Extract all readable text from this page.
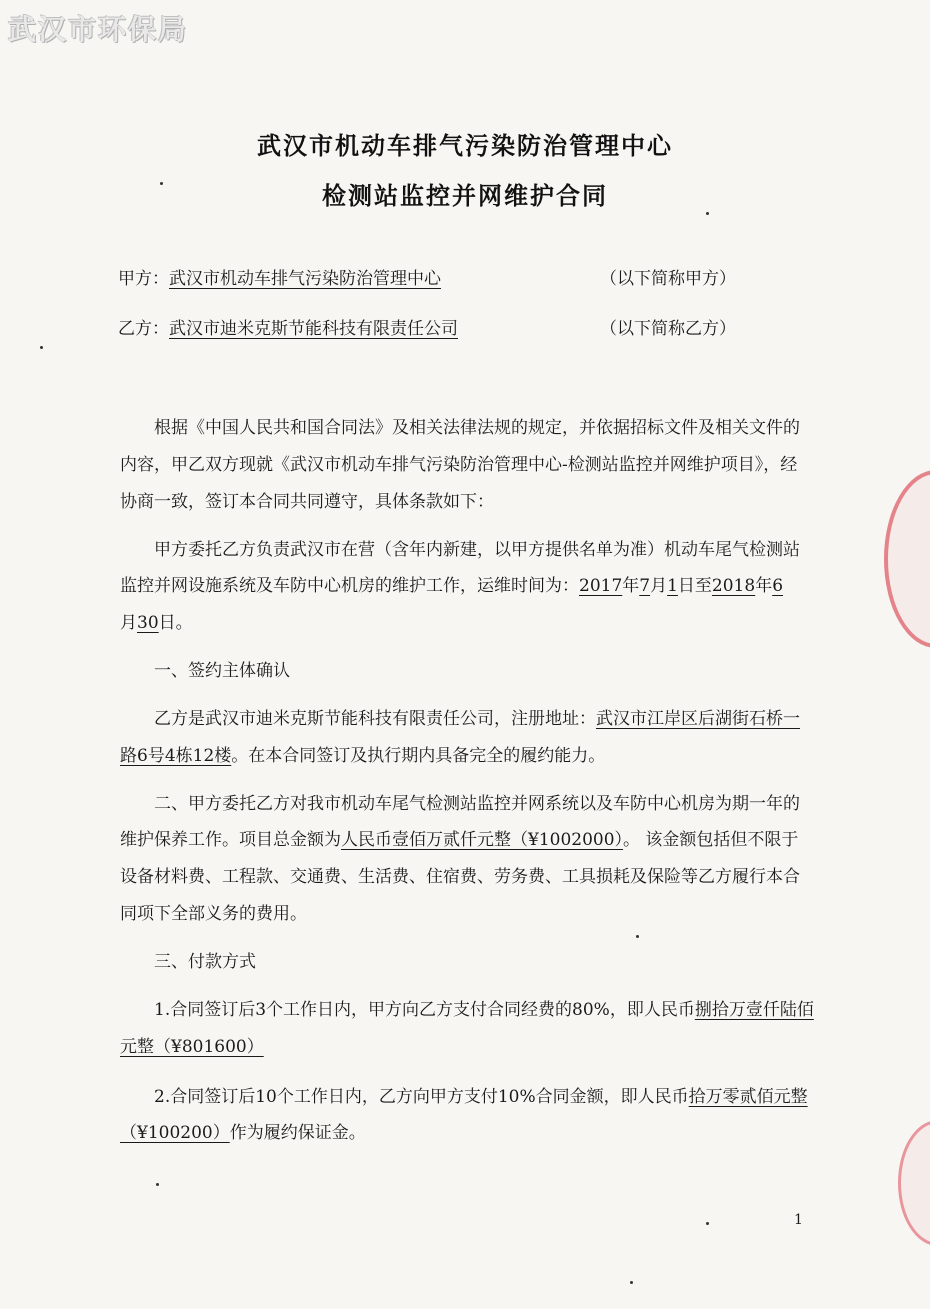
武汉市环保局
武汉市机动车排气污染防治管理中心
检测站监控并网维护合同
甲方：武汉市机动车排气污染防治管理中心	（以下简称甲方）
乙方：武汉市迪米克斯节能科技有限责任公司	（以下简称乙方）
根据《中国人民共和国合同法》及相关法律法规的规定，并依据招标文件及相关文件的
内容，甲乙双方现就《武汉市机动车排气污染防治管理中心-检测站监控并网维护项目》，经
协商一致，签订本合同共同遵守，具体条款如下：
甲方委托乙方负责武汉市在营（含年内新建，以甲方提供名单为准）机动车尾气检测站
监控并网设施系统及车防中心机房的维护工作，运维时间为：2017年7月1日至2018年6
月30日。
一、签约主体确认
乙方是武汉市迪米克斯节能科技有限责任公司，注册地址：武汉市江岸区后湖街石桥一
路6号4栋12楼。在本合同签订及执行期内具备完全的履约能力。
二、甲方委托乙方对我市机动车尾气检测站监控并网系统以及车防中心机房为期一年的
维护保养工作。项目总金额为人民币壹佰万贰仟元整（¥1002000）。 该金额包括但不限于
设备材料费、工程款、交通费、生活费、住宿费、劳务费、工具损耗及保险等乙方履行本合
同项下全部义务的费用。
三、付款方式
1.合同签订后3个工作日内，甲方向乙方支付合同经费的80%，即人民币捌拾万壹仟陆佰
元整（¥801600）
2.合同签订后10个工作日内，乙方向甲方支付10%合同金额，即人民币拾万零贰佰元整
（¥100200）作为履约保证金。
1
